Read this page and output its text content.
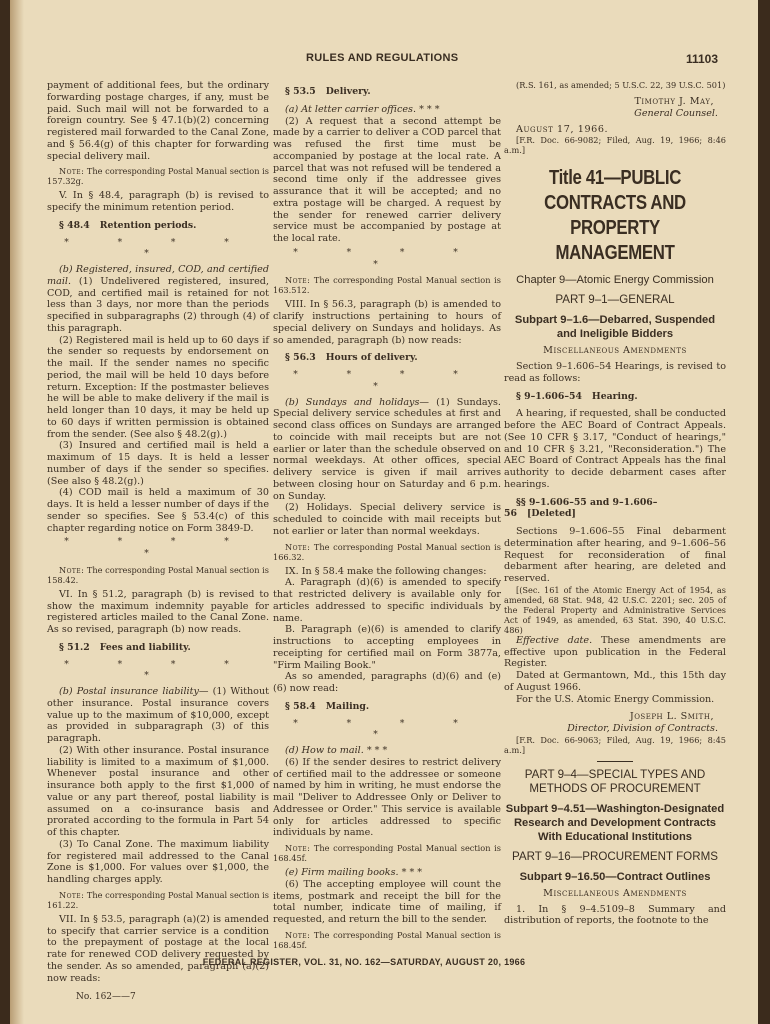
RULES AND REGULATIONS	11103

payment of additional fees, but the ordinary forwarding postage charges, if any, must be paid. Such mail will not be forwarded to a foreign country. See § 47.1(b)(2) concerning registered mail forwarded to the Canal Zone, and § 56.4(g) of this chapter for forwarding special delivery mail.

Note: The corresponding Postal Manual section is 157.32g.

V. In § 48.4, paragraph (b) is revised to specify the minimum retention period.

§ 48.4 Retention periods.

* * * * *

(b) Registered, insured, COD, and certified mail. (1) Undelivered registered, insured, COD, and certified mail is retained for not less than 3 days, nor more than the periods specified in subparagraphs (2) through (4) of this paragraph.

(2) Registered mail is held up to 60 days if the sender so requests by endorsement on the mail. If the sender names no specific period, the mail will be held 10 days before return. Exception: If the postmaster believes he will be able to make delivery if the mail is held longer than 10 days, it may be held up to 60 days if written permission is obtained from the sender. (See also § 48.2(g).)

(3) Insured and certified mail is held a maximum of 15 days. It is held a lesser number of days if the sender so specifies. (See also § 48.2(g).)

(4) COD mail is held a maximum of 30 days. It is held a lesser number of days if the sender so specifies. See § 53.4(c) of this chapter regarding notice on Form 3849-D.

* * * * *

Note: The corresponding Postal Manual section is 158.42.

VI. In § 51.2, paragraph (b) is revised to show the maximum indemnity payable for registered articles mailed to the Canal Zone. As so revised, paragraph (b) now reads.

§ 51.2 Fees and liability.

* * * * *

(b) Postal insurance liability— (1) Without other insurance. Postal insurance covers value up to the maximum of $10,000, except as provided in subparagraph (3) of this paragraph.

(2) With other insurance. Postal insurance liability is limited to a maximum of $1,000. Whenever postal insurance and other insurance both apply to the first $1,000 of value or any part thereof, postal liability is assumed on a co-insurance basis and prorated according to the formula in Part 54 of this chapter.

(3) To Canal Zone. The maximum liability for registered mail addressed to the Canal Zone is $1,000. For values over $1,000, the handling charges apply.

Note: The corresponding Postal Manual section is 161.22.

VII. In § 53.5, paragraph (a)(2) is amended to specify that carrier service is a condition to the prepayment of postage at the local rate for renewed COD delivery requested by the sender. As so amended, paragraph (a)(2) now reads:

§ 53.5 Delivery.

(a) At letter carrier offices. * * *

(2) A request that a second attempt be made by a carrier to deliver a COD parcel that was refused the first time must be accompanied by postage at the local rate. A parcel that was not refused will be tendered a second time only if the addressee gives assurance that it will be accepted; and no extra postage will be charged. A request by the sender for renewed carrier delivery service must be accompanied by postage at the local rate.

* * * * *

Note: The corresponding Postal Manual section is 163.512.

VIII. In § 56.3, paragraph (b) is amended to clarify instructions pertaining to hours of special delivery on Sundays and holidays. As so amended, paragraph (b) now reads:

§ 56.3 Hours of delivery.

* * * * *

(b) Sundays and holidays— (1) Sundays. Special delivery service schedules at first and second class offices on Sundays are arranged to coincide with mail receipts but are not earlier or later than the schedule observed on normal weekdays. At other offices, special delivery service is given if mail arrives between closing hour on Saturday and 6 p.m. on Sunday.

(2) Holidays. Special delivery service is scheduled to coincide with mail receipts but not earlier or later than normal weekdays.

Note: The corresponding Postal Manual section is 166.32.

IX. In § 58.4 make the following changes:

A. Paragraph (d)(6) is amended to specify that restricted delivery is available only for articles addressed to specific individuals by name.

B. Paragraph (e)(6) is amended to clarify instructions to accepting employees in receipting for certified mail on Form 3877a, "Firm Mailing Book."

As so amended, paragraphs (d)(6) and (e)(6) now read:

§ 58.4 Mailing.

* * * * *

(d) How to mail. * * *

(6) If the sender desires to restrict delivery of certified mail to the addressee or someone named by him in writing, he must endorse the mail "Deliver to Addressee Only or Deliver to Addressee or Order." This service is available only for articles addressed to specific individuals by name.

Note: The corresponding Postal Manual section is 168.45f.

(e) Firm mailing books. * * *

(6) The accepting employee will count the items, postmark and receipt the bill for the total number, indicate time of mailing, if requested, and return the bill to the sender.

Note: The corresponding Postal Manual section is 168.45f.

(R.S. 161, as amended; 5 U.S.C. 22, 39 U.S.C. 501)

Timothy J. May,

General Counsel.

August 17, 1966.

[F.R. Doc. 66-9082; Filed, Aug. 19, 1966; 8:46 a.m.]

Title 41—PUBLIC CONTRACTS AND PROPERTY MANAGEMENT

Chapter 9—Atomic Energy Commission

PART 9–1—GENERAL

Subpart 9–1.6—Debarred, Suspended and Ineligible Bidders

Miscellaneous Amendments

Section 9–1.606–54 Hearings, is revised to read as follows:

§ 9–1.606–54 Hearing.

A hearing, if requested, shall be conducted before the AEC Board of Contract Appeals. (See 10 CFR § 3.17, "Conduct of hearings," and 10 CFR § 3.21, "Reconsideration.") The AEC Board of Contract Appeals has the final authority to decide debarment cases after hearings.

§§ 9–1.606–55 and 9–1.606–56 [Deleted]

Sections 9–1.606–55 Final debarment determination after hearing, and 9–1.606–56 Request for reconsideration of final debarment after hearing, are deleted and reserved.

[(Sec. 161 of the Atomic Energy Act of 1954, as amended, 68 Stat. 948, 42 U.S.C. 2201; sec. 205 of the Federal Property and Administrative Services Act of 1949, as amended, 63 Stat. 390, 40 U.S.C. 486)

Effective date. These amendments are effective upon publication in the Federal Register.

Dated at Germantown, Md., this 15th day of August 1966.

For the U.S. Atomic Energy Commission.

Joseph L. Smith,

Director, Division of Contracts.

[F.R. Doc. 66-9063; Filed, Aug. 19, 1966; 8:45 a.m.]

PART 9–4—SPECIAL TYPES AND METHODS OF PROCUREMENT

Subpart 9–4.51—Washington-Designated Research and Development Contracts With Educational Institutions

PART 9–16—PROCUREMENT FORMS

Subpart 9–16.50—Contract Outlines

Miscellaneous Amendments

1. In § 9–4.5109–8 Summary and distribution of reports, the footnote to the

FEDERAL REGISTER, VOL. 31, NO. 162—SATURDAY, AUGUST 20, 1966
No. 162——7
